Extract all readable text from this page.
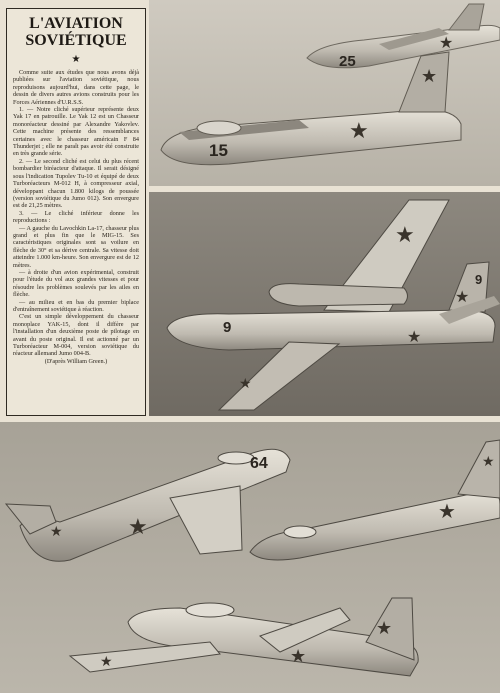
L'AVIATION
SOVIÉTIQUE
★

Comme suite aux études que nous avons déjà publiées sur l'aviation soviétique, nous reproduisons aujourd'hui, dans cette page, le dessin de divers autres avions construits pour les Forces Aériennes d'U.R.S.S.

1. — Notre cliché supérieur représente deux Yak 17 en patrouille. Le Yak 12 est un Chasseur monoréacteur dessiné par Alexandre Yakovlev. Cette machine présente des ressemblances certaines avec le chasseur américain F 84 Thunderjet ; elle ne paraît pas avoir été construite en très grande série.

2. — Le second cliché est celui du plus récent bombardier biréacteur d'attaque. Il serait désigné sous l'indication Tupolev Tu-10 et équipé de deux Turboréacteurs M-012 H, à compresseur axial, développant chacun 1.800 kilogs de poussée (version soviétique du Jumo 012). Son envergure est de 21,25 mètres.

3. — Le cliché inférieur donne les reproductions :

— A gauche du Lavochkin La-17, chasseur plus grand et plus fin que le MIG-15. Ses caractéristiques originales sont sa voilure en flèche de 30° et sa dérive centrale. Sa vitesse doit atteindre 1.000 km-heure. Son envergure est de 12 mètres.

— à droite d'un avion expérimental, construit pour l'étude du vol aux grandes vitesses et pour résoudre les problèmes soulevés par les ailes en flèche.

— au milieu et en bas du premier biplace d'entraînement soviétique à réaction.

C'est un simple développement du chasseur monoplace YAK-15, dont il diffère par l'installation d'un deuxième poste de pilotage en avant du poste original. Il est actionné par un Turboréacteur M-004, version soviétique du réacteur allemand Jumo 004-B.

(D'après William Green.)
25
★
15
★
★
9
9
★
★
★
★
64
★
★
★
★
★
★
★
